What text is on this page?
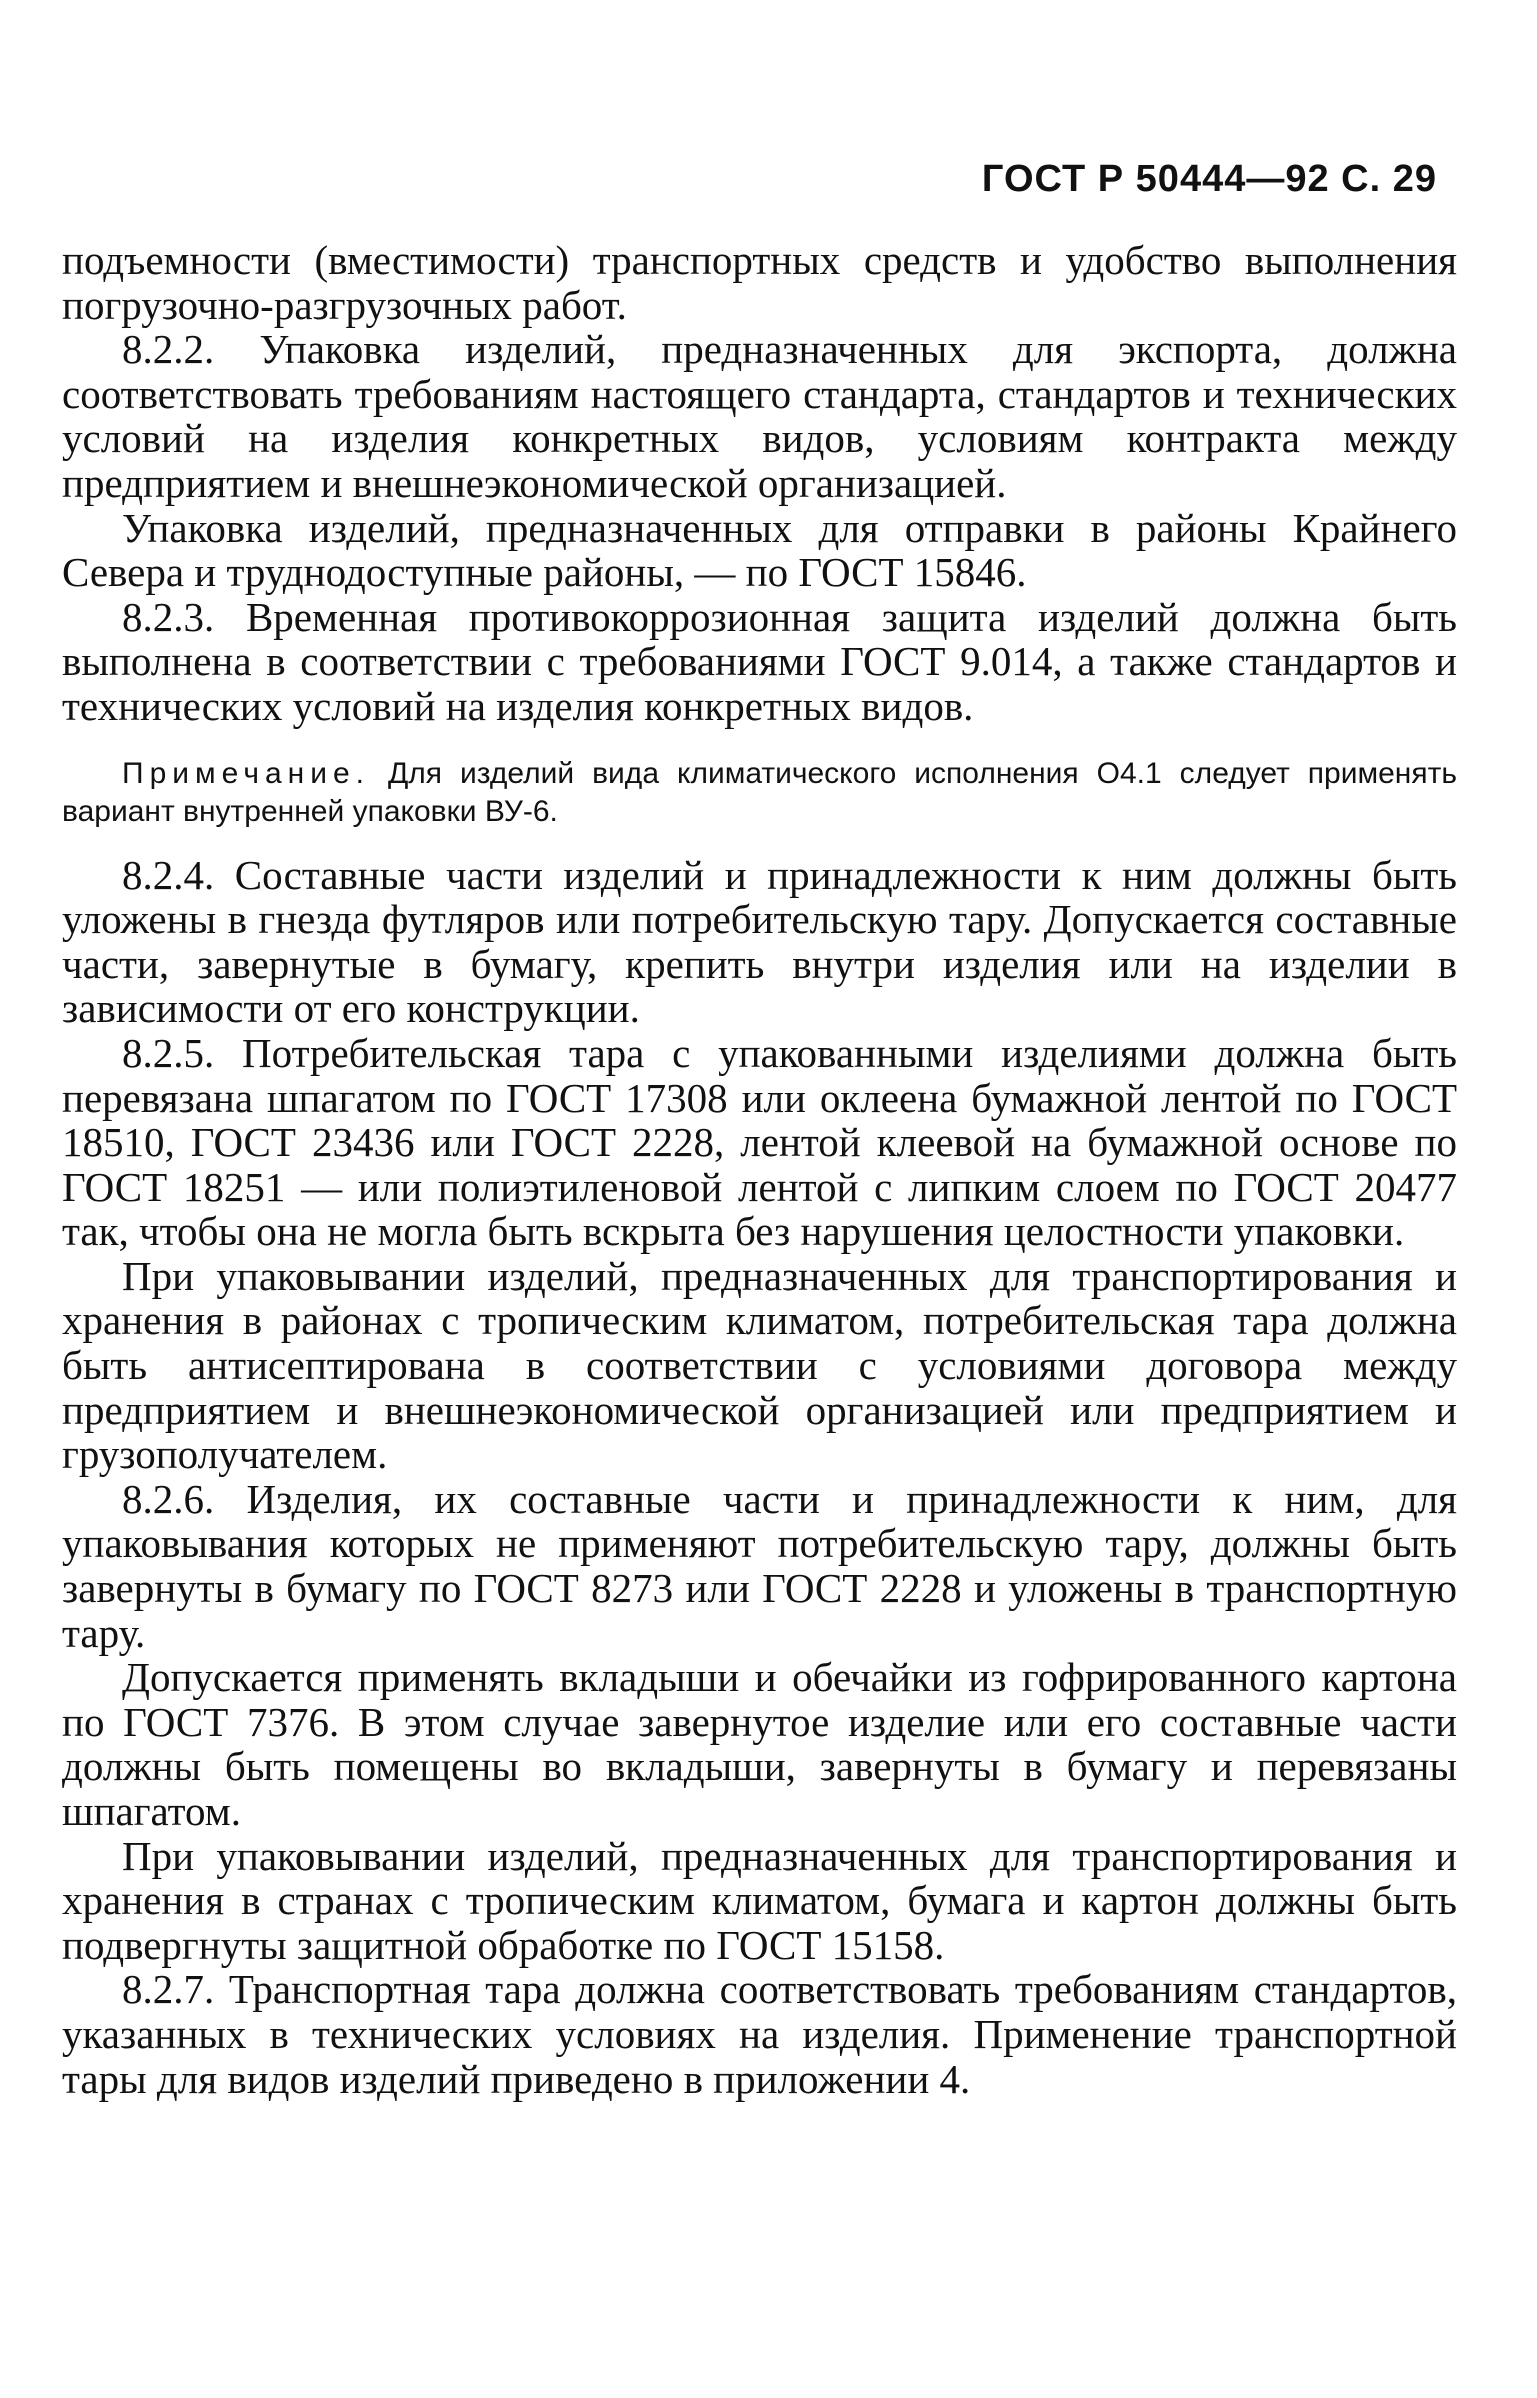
ГОСТ Р 50444—92 С. 29

подъемности (вместимости) транспортных средств и удобство выполнения погрузочно-разгрузочных работ.

8.2.2. Упаковка изделий, предназначенных для экспорта, должна соответствовать требованиям настоящего стандарта, стандартов и технических условий на изделия конкретных видов, условиям контракта между предприятием и внешнеэкономической организацией.

Упаковка изделий, предназначенных для отправки в районы Крайнего Севера и труднодоступные районы, — по ГОСТ 15846.

8.2.3. Временная противокоррозионная защита изделий должна быть выполнена в соответствии с требованиями ГОСТ 9.014, а также стандартов и технических условий на изделия конкретных видов.

Примечание. Для изделий вида климатического исполнения О4.1 следует применять вариант внутренней упаковки ВУ-6.

8.2.4. Составные части изделий и принадлежности к ним должны быть уложены в гнезда футляров или потребительскую тару. Допускается составные части, завернутые в бумагу, крепить внутри изделия или на изделии в зависимости от его конструкции.

8.2.5. Потребительская тара с упакованными изделиями должна быть перевязана шпагатом по ГОСТ 17308 или оклеена бумажной лентой по ГОСТ 18510, ГОСТ 23436 или ГОСТ 2228, лентой клеевой на бумажной основе по ГОСТ 18251 — или полиэтиленовой лентой с липким слоем по ГОСТ 20477 так, чтобы она не могла быть вскрыта без нарушения целостности упаковки.

При упаковывании изделий, предназначенных для транспортирования и хранения в районах с тропическим климатом, потребительская тара должна быть антисептирована в соответствии с условиями договора между предприятием и внешнеэкономической организацией или предприятием и грузополучателем.

8.2.6. Изделия, их составные части и принадлежности к ним, для упаковывания которых не применяют потребительскую тару, должны быть завернуты в бумагу по ГОСТ 8273 или ГОСТ 2228 и уложены в транспортную тару.

Допускается применять вкладыши и обечайки из гофрированного картона по ГОСТ 7376. В этом случае завернутое изделие или его составные части должны быть помещены во вкладыши, завернуты в бумагу и перевязаны шпагатом.

При упаковывании изделий, предназначенных для транспортирования и хранения в странах с тропическим климатом, бумага и картон должны быть подвергнуты защитной обработке по ГОСТ 15158.

8.2.7. Транспортная тара должна соответствовать требованиям стандартов, указанных в технических условиях на изделия. Применение транспортной тары для видов изделий приведено в приложении 4.
